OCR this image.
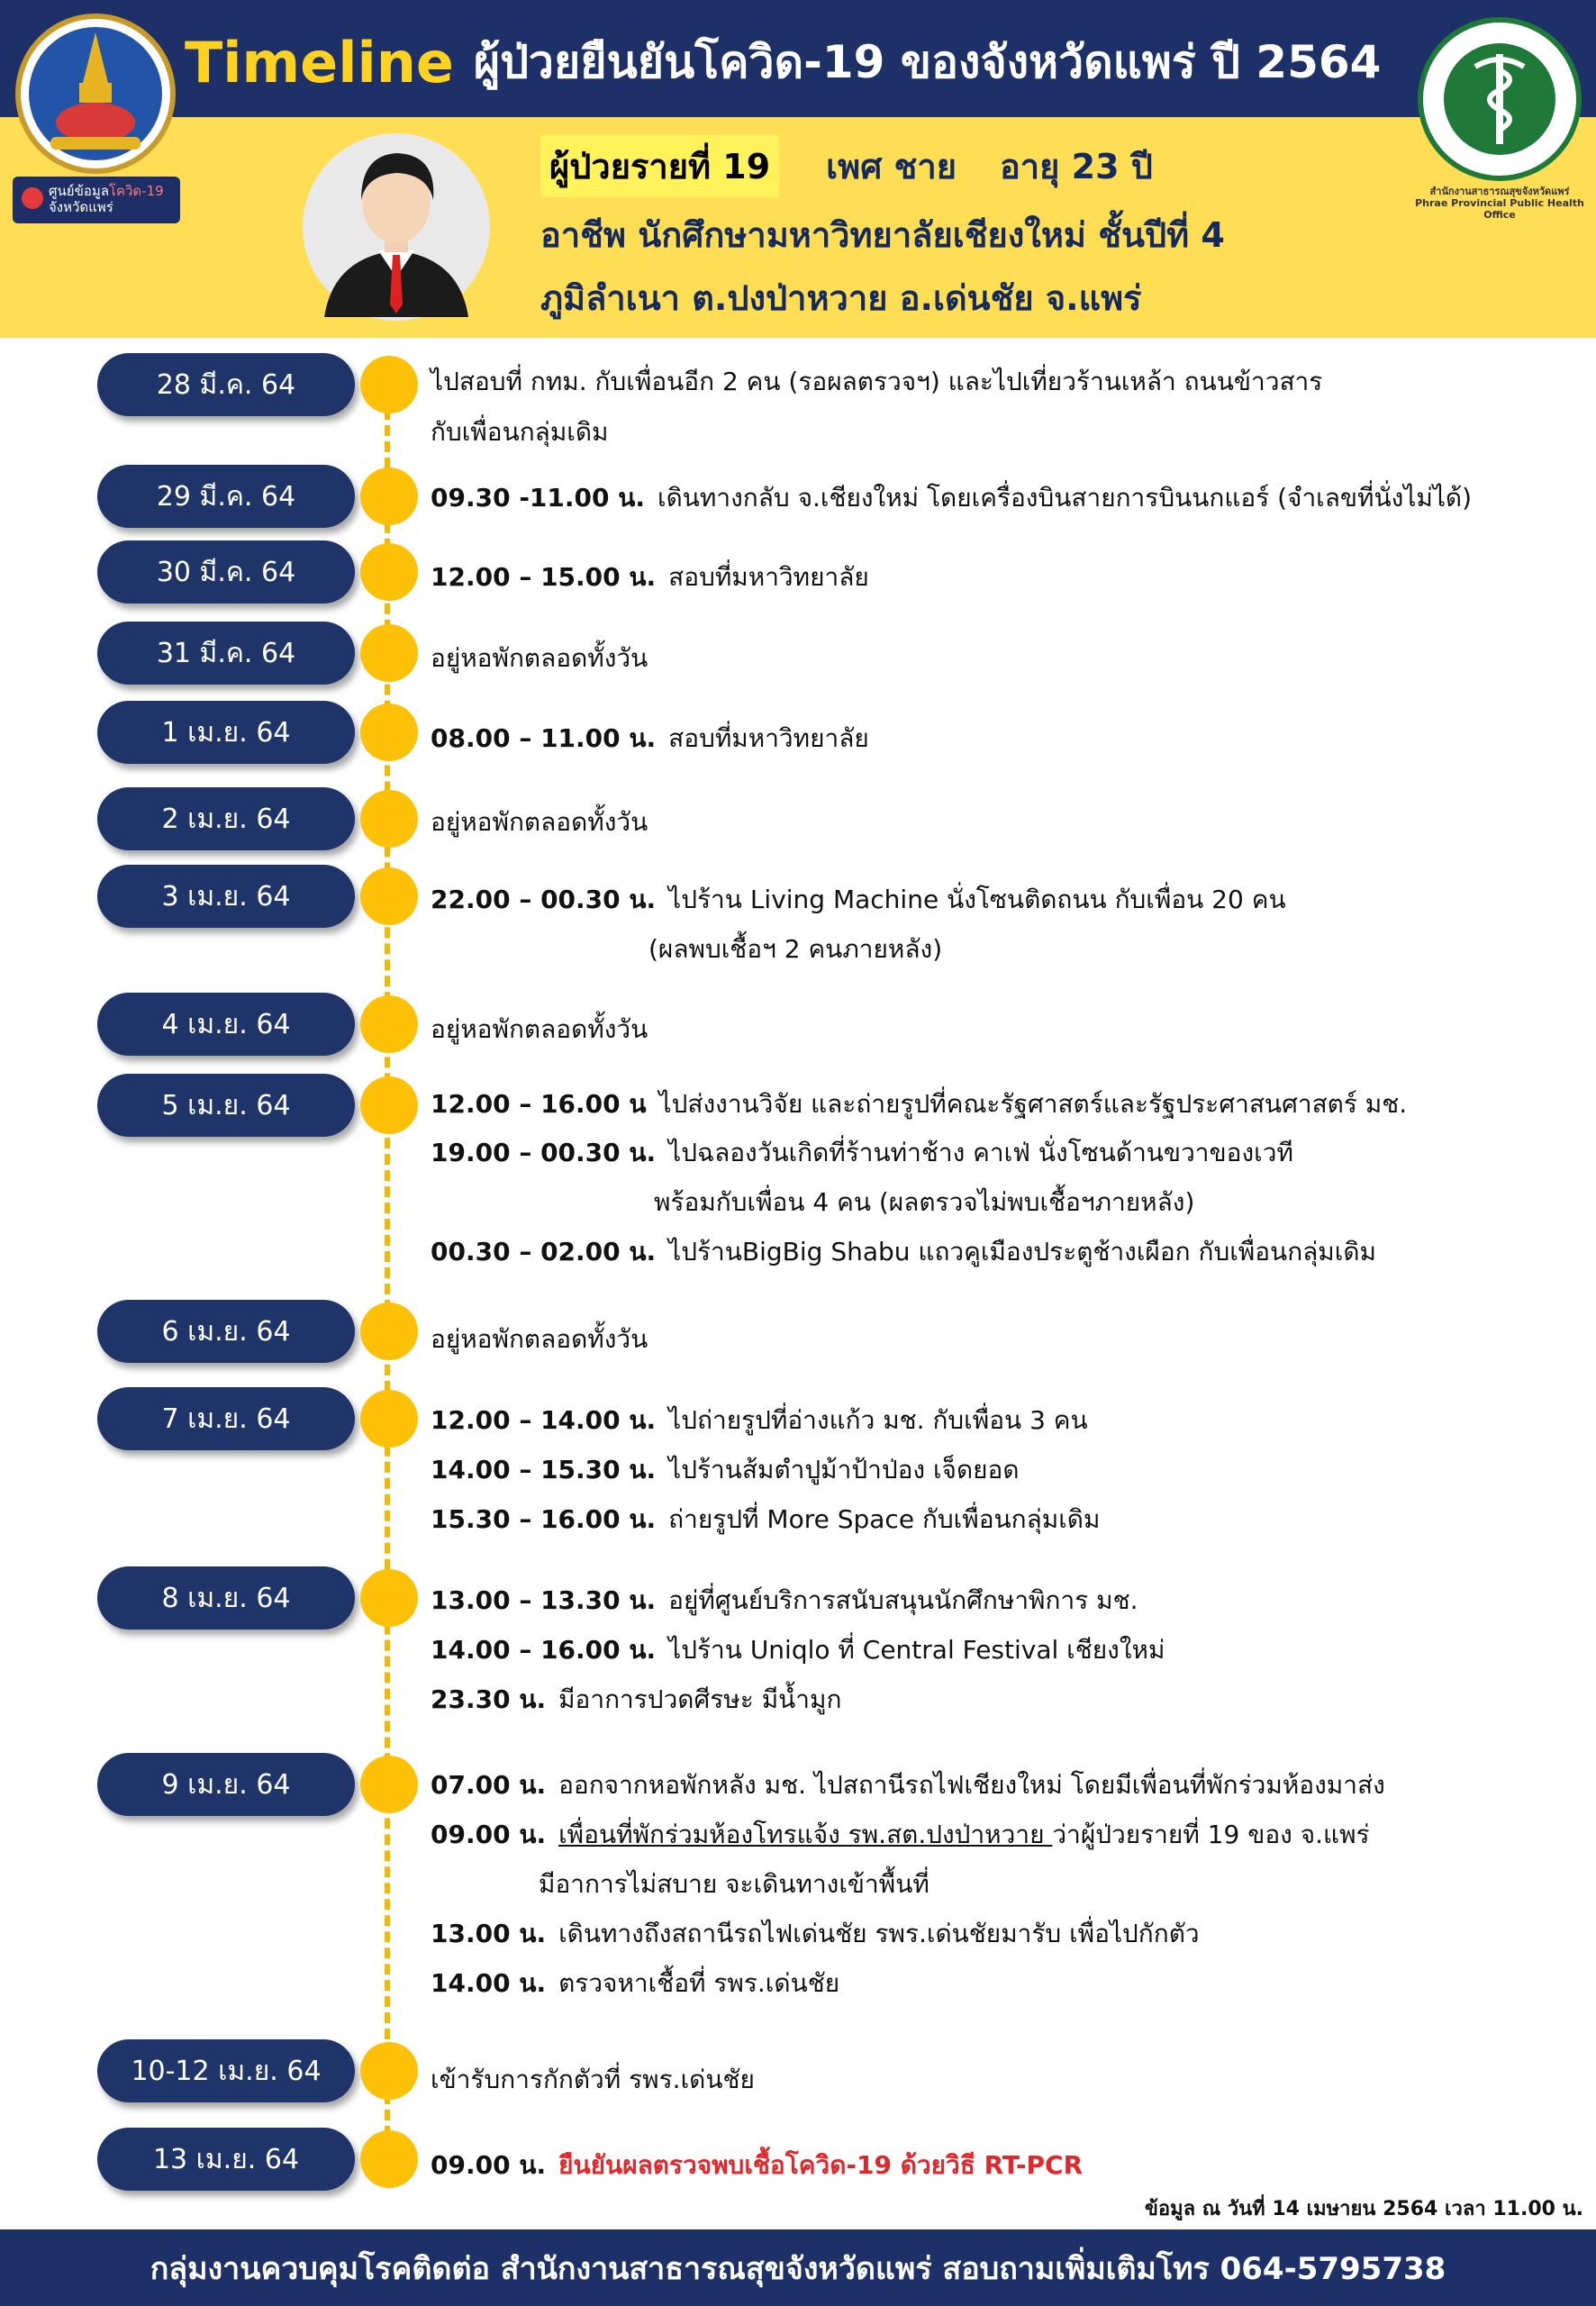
ศูนย์ข้อมูลโควิด-19
จังหวัดแพร่
Timeline ผู้ป่วยยืนยันโควิด-19 ของจังหวัดแพร่ ปี 2564
สำนักงานสาธารณสุขจังหวัดแพร่
Phrae Provincial Public Health Office
ผู้ป่วยรายที่ 19 เพศ ชาย อายุ 23 ปี
อาชีพ นักศึกษามหาวิทยาลัยเชียงใหม่ ชั้นปีที่ 4
ภูมิลำเนา ต.ปงป่าหวาย อ.เด่นชัย จ.แพร่
28 มี.ค. 64	ไปสอบที่ กทม. กับเพื่อนอีก 2 คน (รอผลตรวจฯ) และไปเที่ยวร้านเหล้า ถนนข้าวสาร
กับเพื่อนกลุ่มเดิม
29 มี.ค. 64	09.30 -11.00 น. เดินทางกลับ จ.เชียงใหม่ โดยเครื่องบินสายการบินนกแอร์ (จำเลขที่นั่งไม่ได้)
30 มี.ค. 64	12.00 – 15.00 น. สอบที่มหาวิทยาลัย
31 มี.ค. 64	อยู่หอพักตลอดทั้งวัน
1 เม.ย. 64	08.00 – 11.00 น. สอบที่มหาวิทยาลัย
2 เม.ย. 64	อยู่หอพักตลอดทั้งวัน
3 เม.ย. 64	22.00 – 00.30 น. ไปร้าน Living Machine นั่งโซนติดถนน กับเพื่อน 20 คน
(ผลพบเชื้อฯ 2 คนภายหลัง)
4 เม.ย. 64	อยู่หอพักตลอดทั้งวัน
5 เม.ย. 64	12.00 – 16.00 น ไปส่งงานวิจัย และถ่ายรูปที่คณะรัฐศาสตร์และรัฐประศาสนศาสตร์ มช.
19.00 – 00.30 น. ไปฉลองวันเกิดที่ร้านท่าช้าง คาเฟ่ นั่งโซนด้านขวาของเวที
พร้อมกับเพื่อน 4 คน (ผลตรวจไม่พบเชื้อฯภายหลัง)
00.30 – 02.00 น. ไปร้านBigBig Shabu แถวคูเมืองประตูช้างเผือก กับเพื่อนกลุ่มเดิม
6 เม.ย. 64	อยู่หอพักตลอดทั้งวัน
7 เม.ย. 64	12.00 – 14.00 น. ไปถ่ายรูปที่อ่างแก้ว มช. กับเพื่อน 3 คน
14.00 – 15.30 น. ไปร้านส้มตำปูม้าป้าป่อง เจ็ดยอด
15.30 – 16.00 น. ถ่ายรูปที่ More Space กับเพื่อนกลุ่มเดิม
8 เม.ย. 64	13.00 – 13.30 น. อยู่ที่ศูนย์บริการสนับสนุนนักศึกษาพิการ มช.
14.00 – 16.00 น. ไปร้าน Uniqlo ที่ Central Festival เชียงใหม่
23.30 น. มีอาการปวดศีรษะ มีน้ำมูก
9 เม.ย. 64	07.00 น. ออกจากหอพักหลัง มช. ไปสถานีรถไฟเชียงใหม่ โดยมีเพื่อนที่พักร่วมห้องมาส่ง
09.00 น. เพื่อนที่พักร่วมห้องโทรแจ้ง รพ.สต.ปงป่าหวาย ว่าผู้ป่วยรายที่ 19 ของ จ.แพร่
มีอาการไม่สบาย จะเดินทางเข้าพื้นที่
13.00 น. เดินทางถึงสถานีรถไฟเด่นชัย รพร.เด่นชัยมารับ เพื่อไปกักตัว
14.00 น. ตรวจหาเชื้อที่ รพร.เด่นชัย
10-12 เม.ย. 64	เข้ารับการกักตัวที่ รพร.เด่นชัย
13 เม.ย. 64	09.00 น. ยืนยันผลตรวจพบเชื้อโควิด-19 ด้วยวิธี RT-PCR
ข้อมูล ณ วันที่ 14 เมษายน 2564 เวลา 11.00 น.
กลุ่มงานควบคุมโรคติดต่อ สำนักงานสาธารณสุขจังหวัดแพร่ สอบถามเพิ่มเติมโทร 064-5795738
